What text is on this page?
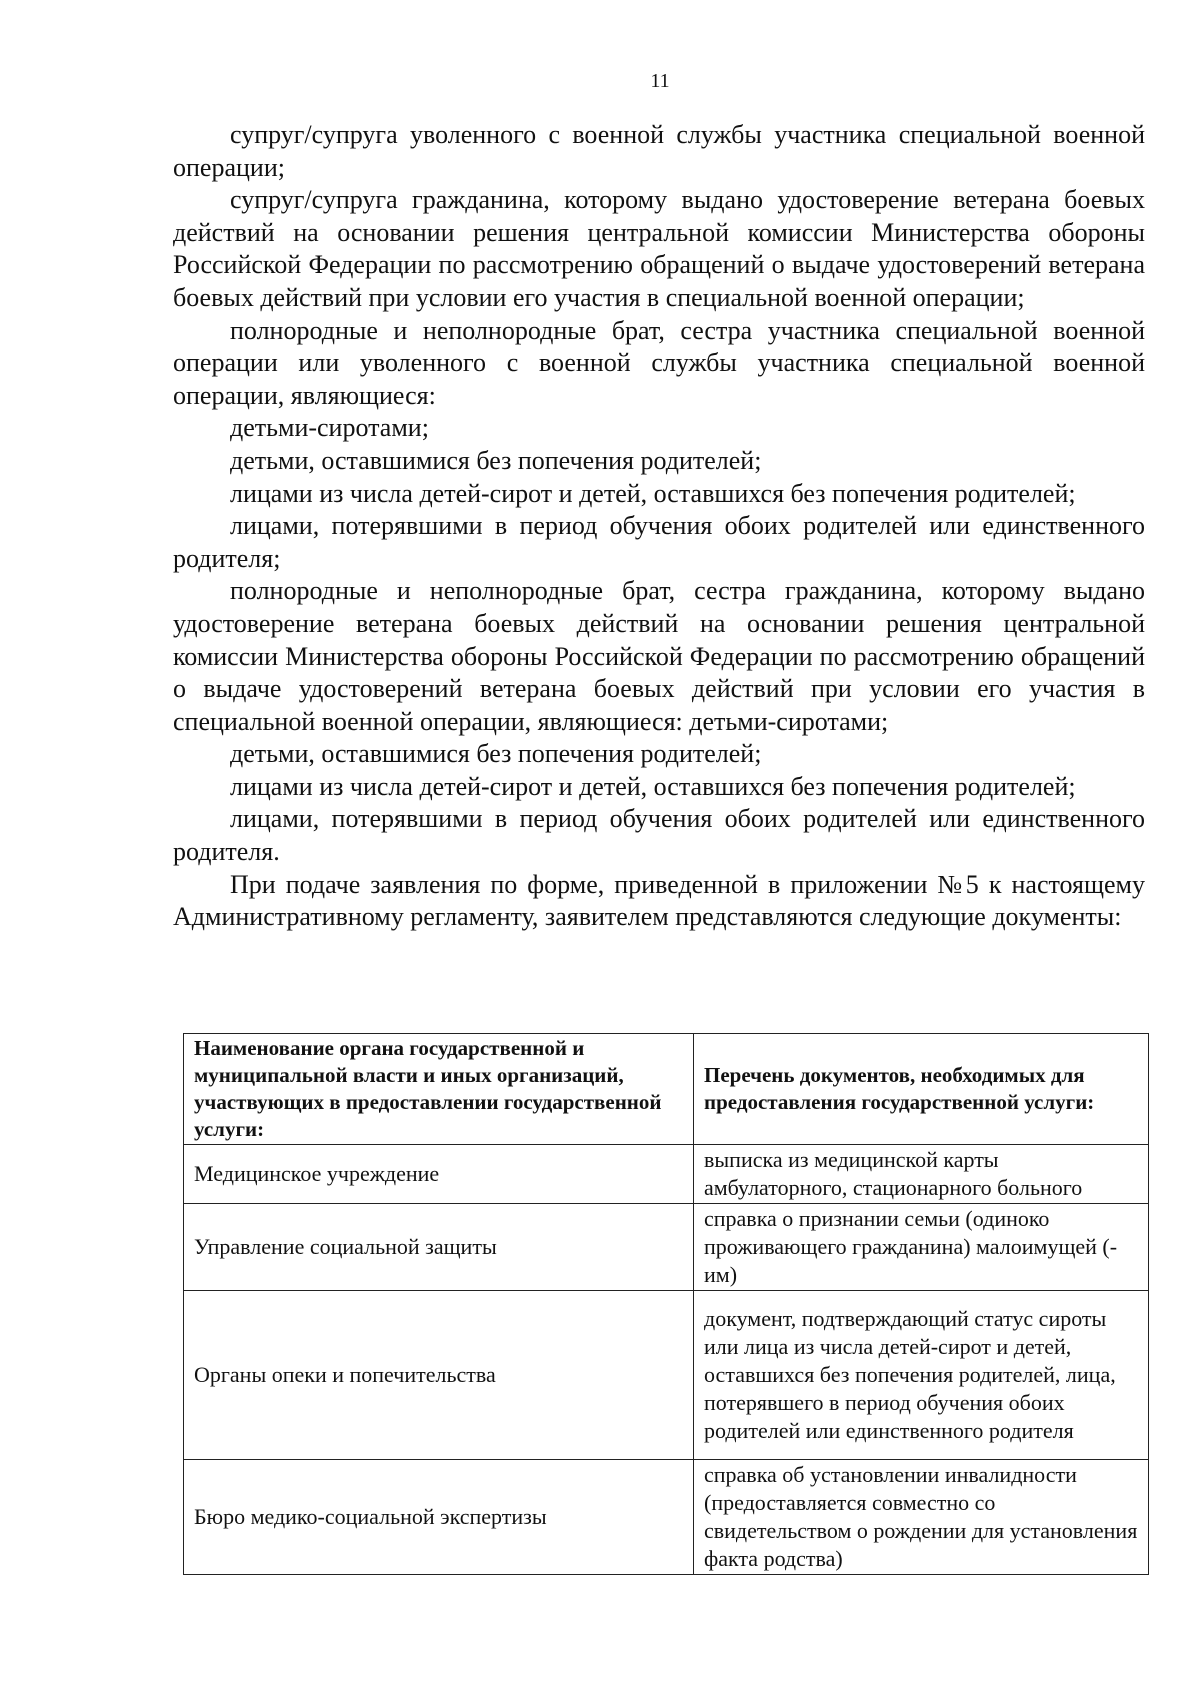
11

супруг/супруга уволенного с военной службы участника специальной военной операции;

супруг/супруга гражданина, которому выдано удостоверение ветерана боевых действий на основании решения центральной комиссии Министерства обороны Российской Федерации по рассмотрению обращений о выдаче удостоверений ветерана боевых действий при условии его участия в специальной военной операции;

полнородные и неполнородные брат, сестра участника специальной военной операции или уволенного с военной службы участника специальной военной операции, являющиеся:

детьми-сиротами;

детьми, оставшимися без попечения родителей;

лицами из числа детей-сирот и детей, оставшихся без попечения родителей;

лицами, потерявшими в период обучения обоих родителей или единственного родителя;

полнородные и неполнородные брат, сестра гражданина, которому выдано удостоверение ветерана боевых действий на основании решения центральной комиссии Министерства обороны Российской Федерации по рассмотрению обращений о выдаче удостоверений ветерана боевых действий при условии его участия в специальной военной операции, являющиеся: детьми-сиротами;

детьми, оставшимися без попечения родителей;

лицами из числа детей-сирот и детей, оставшихся без попечения родителей;

лицами, потерявшими в период обучения обоих родителей или единственного родителя.

При подаче заявления по форме, приведенной в приложении №5 к настоящему Административному регламенту, заявителем представляются следующие документы:

Наименование органа государственной и муниципальной власти и иных организаций, участвующих в предоставлении государственной услуги:	Перечень документов, необходимых для предоставления государственной услуги:
Медицинское учреждение	выписка из медицинской карты амбулаторного, стационарного больного
Управление социальной защиты	справка о признании семьи (одиноко проживающего гражданина) малоимущей (-им)
Органы опеки и попечительства	документ, подтверждающий статус сироты или лица из числа детей-сирот и детей, оставшихся без попечения родителей, лица, потерявшего в период обучения обоих родителей или единственного родителя
Бюро медико-социальной экспертизы	справка об установлении инвалидности (предоставляется совместно со свидетельством о рождении для установления факта родства)
